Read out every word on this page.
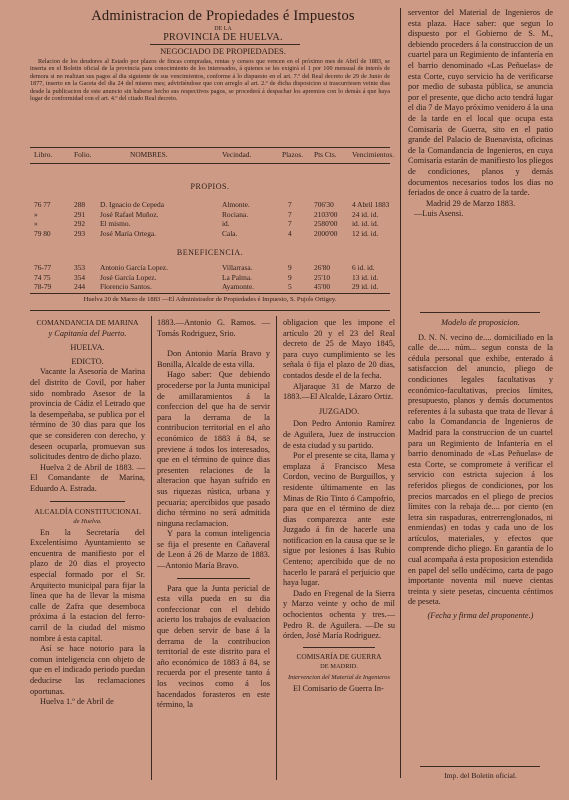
Administracion de Propiedades é Impuestos
DE LA
PROVINCIA DE HUELVA.
NEGOCIADO DE PROPIEDADES.
Relacion de los deudores al Estado por plazos de fincas compradas, rentas y censos que vencen en el próximo mes de Abril de 1883, se inserta en el Boletin oficial de la provincia para conocimiento de los interesados, á quienes se les exigirá el 1 por 100 mensual de interés de demora si no realizan sus pagos al dia siguiente de sus vencimientos, conforme á lo dispuesto en el art. 7.º del Real decreto de 29 de Junio de 1877, inserto en la Gaceta del dia 24 del mismo mes; advirtiéndose que con arreglo al art. 2.º de dicha disposicion si trascurriesen veinte dias desde la publicacion de este anuncio sin haberse hecho sus respectivos pagos, se procederá á despachar los apremios con lo demás á que haya lugar de conformidad con el art. 4.º del citado Real decreto.
Libro.	Folio.	NOMBRES.	Vecindad.	Plazos. Pts Cts. Vencimientos.
PROPIOS.
76 77	288 D. Ignacio de Cepeda	Almonte.	7	706'30 4 Abril 1883
»	291 José Rafael Muñoz.	Rociana.	7	2103'00 24 id. id.
»	292 El mismo.	id.	7	2580'00 id. id. id.
79 80	293 José María Ortega.	Cala.	4	2000'00 12 id. id.
BENEFICENCIA.
76-77	353 Antonio García Lopez.	Villarrasa.	9	26'80	6 id. id.
74 75	354 José García Lopez.	La Palma.	9	25'10	13 id. id.
78-79	244 Florencio Santos.	Ayamonte.	5	45'00	29 id. id.
Huelva 20 de Marzo de 1883 —El Administrador de Propiedades é Impuesto, S. Pujols Ortigey.

serventor del Material de Ingenieros de esta plaza. Hace saber: que segun lo dispuesto por el Gobierno de S. M., debiendo proceders á la construccion de un cuartel para un Regimiento de infantería en el barrio denominado «Las Peñuelas» de esta Corte, cuyo servicio ha de verificarse por medio de subasta pública, se anuncia por el presente, que dicho acto tendrá lugar el dia 7 de Mayo próximo venidero á la una de la tarde en el local que ocupa esta Comisaría de Guerra, sito en el patio grande del Palacio de Buenavista, oficinas de la Comandancia de Ingenieros, en cuya Comisaría estarán de manifiesto los pliegos de condiciones, planos y demás documentos necesarios todos los dias no feriados de once á cuatro de la tarde.

Madrid 29 de Marzo 1883.

—Luis Asensi.

Modelo de proposicion.

D. N. N. vecino de.... domiciliado en la calle de...... núm... segun consta de la cédula personal que exhibe, enterado á satisfaccion del anuncio, pliego de condiciones legales facultativas y económico-facultativas, precios límites, presupuesto, planos y demás documentos referentes á la subasta que trata de llevar á cabo la Comandancia de Ingenieros de Madrid para la construccion de un cuartel para un Regimiento de Infantería en el barrio denominado de «Las Peñuelas» de esta Corte, se compromete á verificar el servicio con estricta sujecion á los referidos pliegos de condiciones, por los precios marcados en el pliego de precios límites con la rebaja de.... por ciento (en letra sin raspaduras, entrerrenglonados, ni enmiendas) en todas y cada uno de los artículos, materiales, y efectos que comprende dicho pliego. En garantía de lo cual acompaña á esta proposicion estendida en papel del sello undécimo, carta de pago importante noventa mil nueve cientas treinta y siete pesetas, cincuenta céntimos de peseta.

(Fecha y firma del proponente.)

Imp. del Boletin oficial.

COMANDANCIA DE MARINA

y Capitanía del Puerto.

HUELVA.

EDICTO.

Vacante la Asesoría de Marina del distrito de Covil, por haber sido nombrado Asesor de la provincia de Cádiz el Letrado que la desempeñaba, se publica por el término de 30 dias para que los que se consideren con derecho, y deseen ocuparla, promuevan sus solicitudes dentro de dicho plazo.

Huelva 2 de Abril de 1883. —El Comandante de Marina, Eduardo A. Estrada.

ALCALDÍA CONSTITUCIONAL

de Huelva.

En la Secretaría del Excelentísimo Ayuntamiento se encuentra de manifiesto por el plazo de 20 dias el proyecto especial formado por el Sr. Arquitecto municipal para fijar la línea que ha de llevar la misma calle de Zafra que desemboca próxima á la estacion del ferro-carril de la ciudad del mismo nombre á esta capital.

Así se hace notorio para la comun inteligencia con objeto de que en el indicado periodo puedan deducirse las reclamaciones oportunas.

Huelva 1.º de Abril de

1883.—Antonio G. Ramos. —Tomás Rodriguez, Srio.

Don Antonio María Bravo y Bonilla, Alcalde de esta villa.

Hago saber: Que debiendo procederse por la Junta municipal de amillaramientos á la confeccion del que ha de servir para la derrama de la contribucion territorial en el año económico de 1883 á 84, se previene á todos los interesados, que en el término de quince dias presenten relaciones de la alteracion que hayan sufrido en sus riquezas rústica, urbana y pecuaria; apercibidos que pasado dicho término no será admitida ninguna reclamacion.

Y para la comun inteligencia se fija el presente en Cañaveral de Leon á 26 de Marzo de 1883.—Antonio María Bravo.

Para que la Junta pericial de esta villa pueda en su dia confeccionar con el debido acierto los trabajos de evaluacion que deben servir de base á la derrama de la contribucion territorial de este distrito para el año económico de 1883 á 84, se recuerda por el presente tanto á los vecinos como á los hacendados forasteros en este término, la

obligacion que les impone el artículo 20 y el 23 del Real decreto de 25 de Mayo 1845, para cuyo cumplimiento se les señala ó fija el plazo de 20 dias, contados desde el de la fecha.

Aljaraque 31 de Marzo de 1883.—El Alcalde, Lázaro Ortiz.

JUZGADO.

Don Pedro Antonio Ramírez de Aguilera, Juez de instruccion de esta ciudad y su partido.

Por el presente se cita, llama y emplaza á Francisco Mesa Cordon, vecino de Burguillos, y residente últimamente en las Minas de Rio Tinto ó Campofrio, para que en el término de diez dias comparezca ante este Juzgado á fin de hacerle una notificacion en la causa que se le sigue por lesiones á Isas Rubio Centeno; apercibido que de no hacerlo le parará el perjuicio que haya lugar.

Dado en Fregenal de la Sierra y Marzo veinte y ocho de mil ochocientos ochenta y tres.—Pedro R. de Aguilera. —De su órden, José María Rodriguez.

COMISARÍA DE GUERRA

DE MADRID.

Intervencion del Material de Ingenieros

El Comisario de Guerra In-
